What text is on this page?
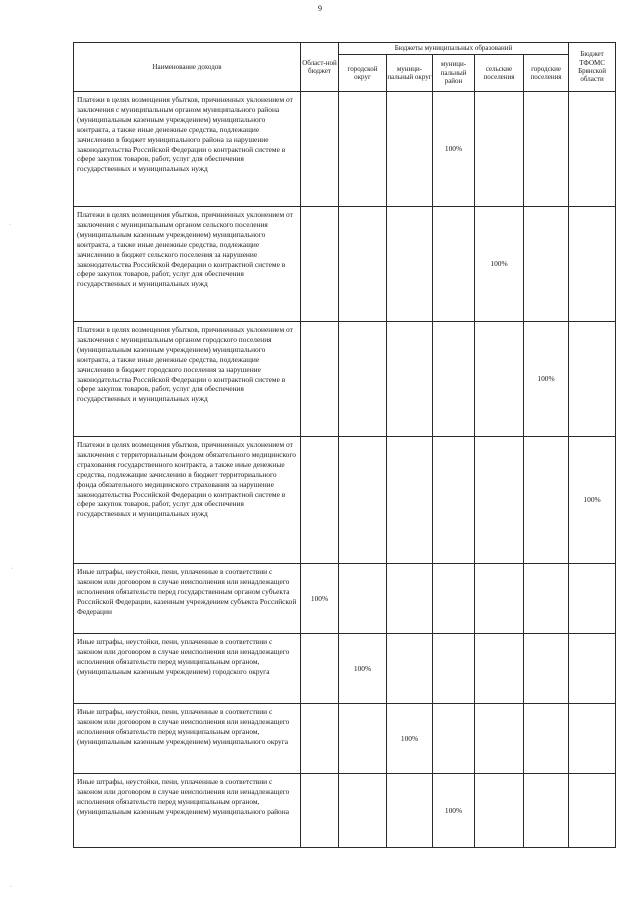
9
·
·
·
Наименование доходов	Област-ной бюджет	Бюджеты муниципальных образований					Бюджет ТФОМС Брянской области
		городской округ	муници-пальный округ	муници-пальный район	сельские поселения	городские поселения	
Платежи в целях возмещения убытков, причиненных уклонением от заключения с муниципальным органом муниципального района (муниципальным казенным учреждением) муниципального контракта, а также иные денежные средства, подлежащие зачислению в бюджет муниципального района за нарушение законодательства Российской Федерации о контрактной системе в сфере закупок товаров, работ, услуг для обеспечения государственных и муниципальных нужд				100%			
Платежи в целях возмещения убытков, причиненных уклонением от заключения с муниципальным органом сельского поселения (муниципальным казенным учреждением) муниципального контракта, а также иные денежные средства, подлежащие зачислению в бюджет сельского поселения за нарушение законодательства Российской Федерации о контрактной системе в сфере закупок товаров, работ, услуг для обеспечения государственных и муниципальных нужд					100%		
Платежи в целях возмещения убытков, причиненных уклонением от заключения с муниципальным органом городского поселения (муниципальным казенным учреждением) муниципального контракта, а также иные денежные средства, подлежащие зачислению в бюджет городского поселения за нарушение законодательства Российской Федерации о контрактной системе в сфере закупок товаров, работ, услуг для обеспечения государственных и муниципальных нужд						100%	
Платежи в целях возмещения убытков, причиненных уклонением от заключения с территориальным фондом обязательного медицинского страхования государственного контракта, а также иные денежные средства, подлежащие зачислению в бюджет территориального фонда обязательного медицинского страхования за нарушение законодательства Российской Федерации о контрактной системе в сфере закупок товаров, работ, услуг для обеспечения государственных и муниципальных нужд							100%
Иные штрафы, неустойки, пени, уплаченные в соответствии с законом или договором в случае неисполнения или ненадлежащего исполнения обязательств перед государственным органом субъекта Российской Федерации, казенным учреждением субъекта Российской Федерации	100%						
Иные штрафы, неустойки, пени, уплаченные в соответствии с законом или договором в случае неисполнения или ненадлежащего исполнения обязательств перед муниципальным органом, (муниципальным казенным учреждением) городского округа		100%					
Иные штрафы, неустойки, пени, уплаченные в соответствии с законом или договором в случае неисполнения или ненадлежащего исполнения обязательств перед муниципальным органом, (муниципальным казенным учреждением) муниципального округа			100%				
Иные штрафы, неустойки, пени, уплаченные в соответствии с законом или договором в случае неисполнения или ненадлежащего исполнения обязательств перед муниципальным органом, (муниципальным казенным учреждением) муниципального района				100%			
